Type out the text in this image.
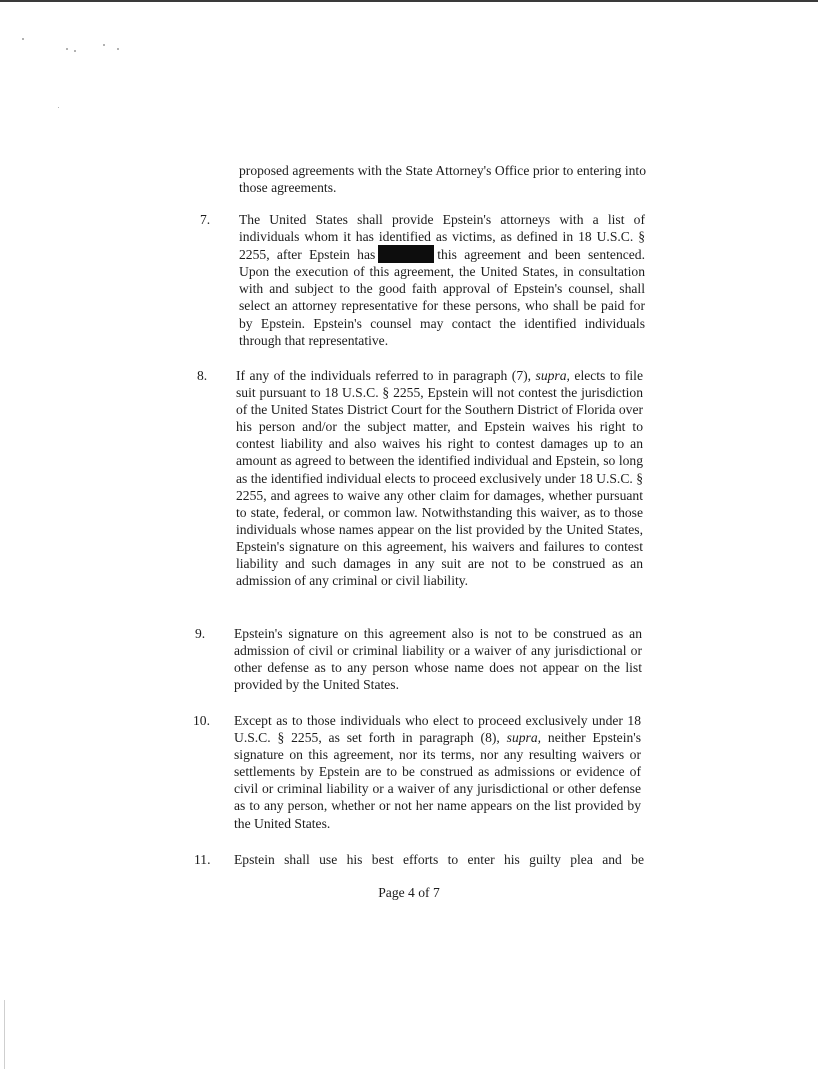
proposed agreements with the State Attorney's Office prior to entering into those agreements.

7. The United States shall provide Epstein's attorneys with a list of individuals whom it has identified as victims, as defined in 18 U.S.C. § 2255, after Epstein has	this agreement and been sentenced. Upon the execution of this agreement, the United States, in consultation with and subject to the good faith approval of Epstein's counsel, shall select an attorney representative for these persons, who shall be paid for by Epstein. Epstein's counsel may contact the identified individuals through that representative.

8. If any of the individuals referred to in paragraph (7), supra, elects to file suit pursuant to 18 U.S.C. § 2255, Epstein will not contest the jurisdiction of the United States District Court for the Southern District of Florida over his person and/or the subject matter, and Epstein waives his right to contest liability and also waives his right to contest damages up to an amount as agreed to between the identified individual and Epstein, so long as the identified individual elects to proceed exclusively under 18 U.S.C. § 2255, and agrees to waive any other claim for damages, whether pursuant to state, federal, or common law. Notwithstanding this waiver, as to those individuals whose names appear on the list provided by the United States, Epstein's signature on this agreement, his waivers and failures to contest liability and such damages in any suit are not to be construed as an admission of any criminal or civil liability.

9. Epstein's signature on this agreement also is not to be construed as an admission of civil or criminal liability or a waiver of any jurisdictional or other defense as to any person whose name does not appear on the list provided by the United States.

10. Except as to those individuals who elect to proceed exclusively under 18 U.S.C. § 2255, as set forth in paragraph (8), supra, neither Epstein's signature on this agreement, nor its terms, nor any resulting waivers or settlements by Epstein are to be construed as admissions or evidence of civil or criminal liability or a waiver of any jurisdictional or other defense as to any person, whether or not her name appears on the list provided by the United States.

11. Epstein shall use his best efforts to enter his guilty plea and be

Page 4 of 7
